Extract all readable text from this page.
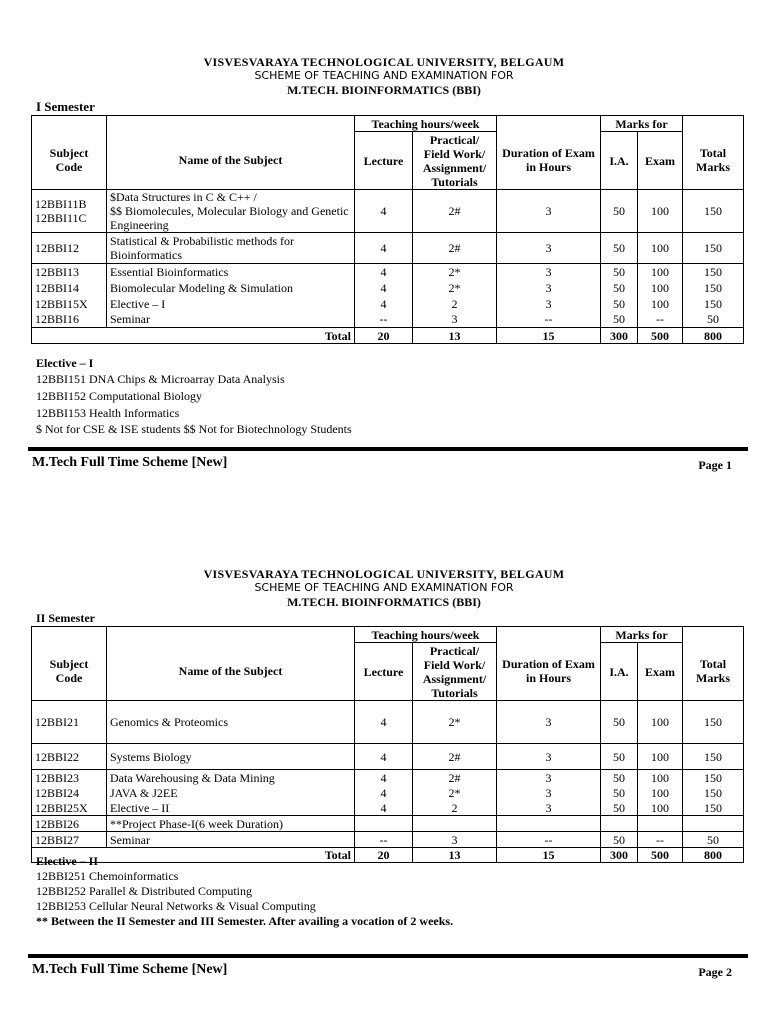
VISVESVARAYA TECHNOLOGICAL UNIVERSITY, BELGAUM
SCHEME OF TEACHING AND EXAMINATION FOR
M.TECH. BIOINFORMATICS (BBI)
I Semester
		Teaching hours/week			Marks for		
Subject Code	Name of the Subject	Lecture	Practical/ Field Work/ Assignment/ Tutorials	Duration of Exam in Hours	I.A.	Exam	Total Marks
12BBI11B
12BBI11C	$Data Structures in C & C++ /
$$ Biomolecules, Molecular Biology and Genetic Engineering	4	2#	3	50	100	150
12BBI12	Statistical & Probabilistic methods for Bioinformatics	4	2#	3	50	100	150
12BBI13	Essential Bioinformatics	4	2*	3	50	100	150
12BBI14	Biomolecular Modeling & Simulation	4	2*	3	50	100	150
12BBI15X	Elective – I	4	2	3	50	100	150
12BBI16	Seminar	--	3	--	50	--	50
Total		20	13	15	300	500	800
Elective – I
12BBI151 DNA Chips & Microarray Data Analysis
12BBI152 Computational Biology
12BBI153 Health Informatics
$ Not for CSE & ISE students $$ Not for Biotechnology Students
M.Tech Full Time Scheme [New]	Page 1
VISVESVARAYA TECHNOLOGICAL UNIVERSITY, BELGAUM
SCHEME OF TEACHING AND EXAMINATION FOR
M.TECH. BIOINFORMATICS (BBI)
II Semester
		Teaching hours/week			Marks for		
Subject Code	Name of the Subject	Lecture	Practical/ Field Work/ Assignment/ Tutorials	Duration of Exam in Hours	I.A.	Exam	Total Marks
12BBI21	Genomics & Proteomics	4	2*	3	50	100	150
12BBI22	Systems Biology	4	2#	3	50	100	150
12BBI23	Data Warehousing & Data Mining	4	2#	3	50	100	150
12BBI24	JAVA & J2EE	4	2*	3	50	100	150
12BBI25X	Elective – II	4	2	3	50	100	150
12BBI26	**Project Phase-I(6 week Duration)						
12BBI27	Seminar	--	3	--	50	--	50
Total		20	13	15	300	500	800
Elective – II
12BBI251 Chemoinformatics
12BBI252 Parallel & Distributed Computing
12BBI253 Cellular Neural Networks & Visual Computing
** Between the II Semester and III Semester. After availing a vocation of 2 weeks.
M.Tech Full Time Scheme [New]	Page 2
